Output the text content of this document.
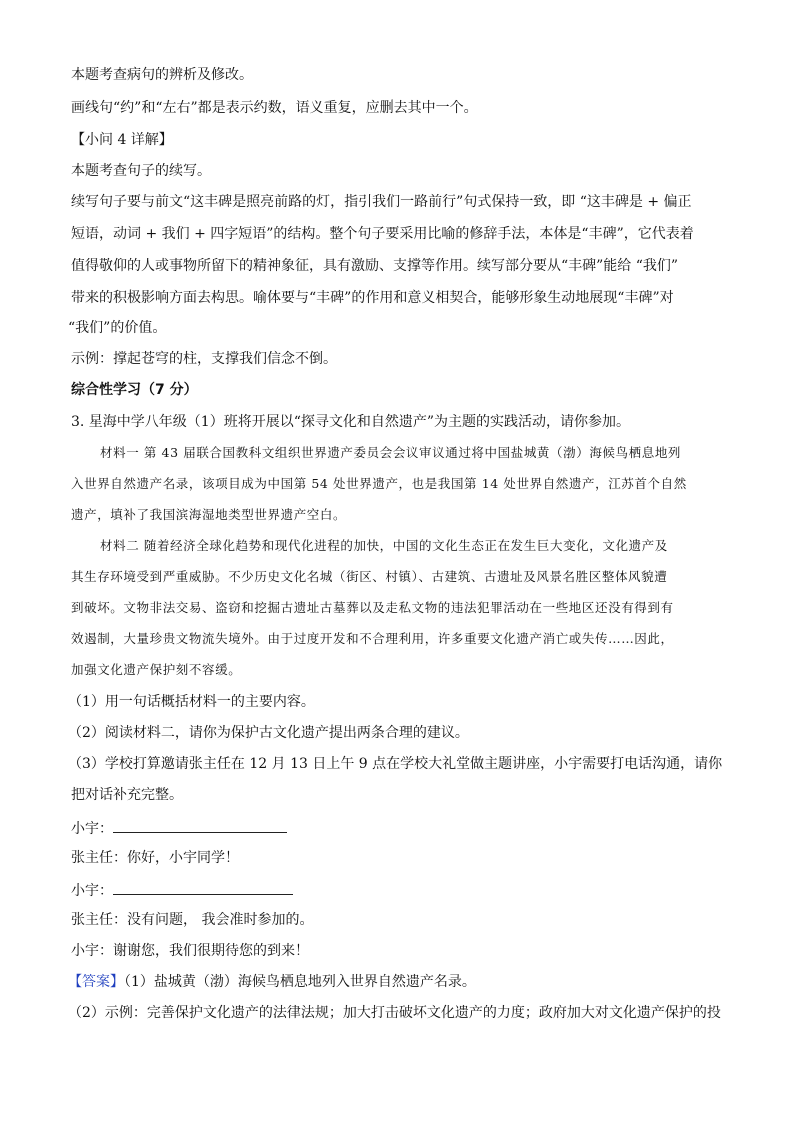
本题考查病句的辨析及修改。
画线句“约”和“左右”都是表示约数，语义重复，应删去其中一个。
【小问 4 详解】
本题考查句子的续写。
续写句子要与前文“这丰碑是照亮前路的灯，指引我们一路前行”句式保持一致，即 “这丰碑是 + 偏正
短语，动词 + 我们 + 四字短语”的结构。整个句子要采用比喻的修辞手法，本体是“丰碑”，它代表着
值得敬仰的人或事物所留下的精神象征，具有激励、支撑等作用。续写部分要从“丰碑”能给 “我们”
带来的积极影响方面去构思。喻体要与“丰碑”的作用和意义相契合，能够形象生动地展现“丰碑”对
“我们”的价值。
示例：撑起苍穹的柱，支撑我们信念不倒。
综合性学习（7 分）
3. 星海中学八年级（1）班将开展以“探寻文化和自然遗产”为主题的实践活动，请你参加。
材料一 第 43 届联合国教科文组织世界遗产委员会会议审议通过将中国盐城黄（渤）海候鸟栖息地列
入世界自然遗产名录，该项目成为中国第 54 处世界遗产，也是我国第 14 处世界自然遗产，江苏首个自然
遗产，填补了我国滨海湿地类型世界遗产空白。
材料二 随着经济全球化趋势和现代化进程的加快，中国的文化生态正在发生巨大变化，文化遗产及
其生存环境受到严重威胁。不少历史文化名城（街区、村镇）、古建筑、古遗址及风景名胜区整体风貌遭
到破坏。文物非法交易、盗窃和挖掘古遗址古墓葬以及走私文物的违法犯罪活动在一些地区还没有得到有
效遏制，大量珍贵文物流失境外。由于过度开发和不合理利用，许多重要文化遗产消亡或失传……因此，
加强文化遗产保护刻不容缓。
（1）用一句话概括材料一的主要内容。
（2）阅读材料二，请你为保护古文化遗产提出两条合理的建议。
（3）学校打算邀请张主任在 12 月 13 日上午 9 点在学校大礼堂做主题讲座，小宇需要打电话沟通，请你
把对话补充完整。
小宇：
张主任：你好，小宇同学！
小宇：
张主任：没有问题， 我会准时参加的。
小宇：谢谢您，我们很期待您的到来！
【答案】（1）盐城黄（渤）海候鸟栖息地列入世界自然遗产名录。
（2）示例：完善保护文化遗产的法律法规；加大打击破坏文化遗产的力度；政府加大对文化遗产保护的投
